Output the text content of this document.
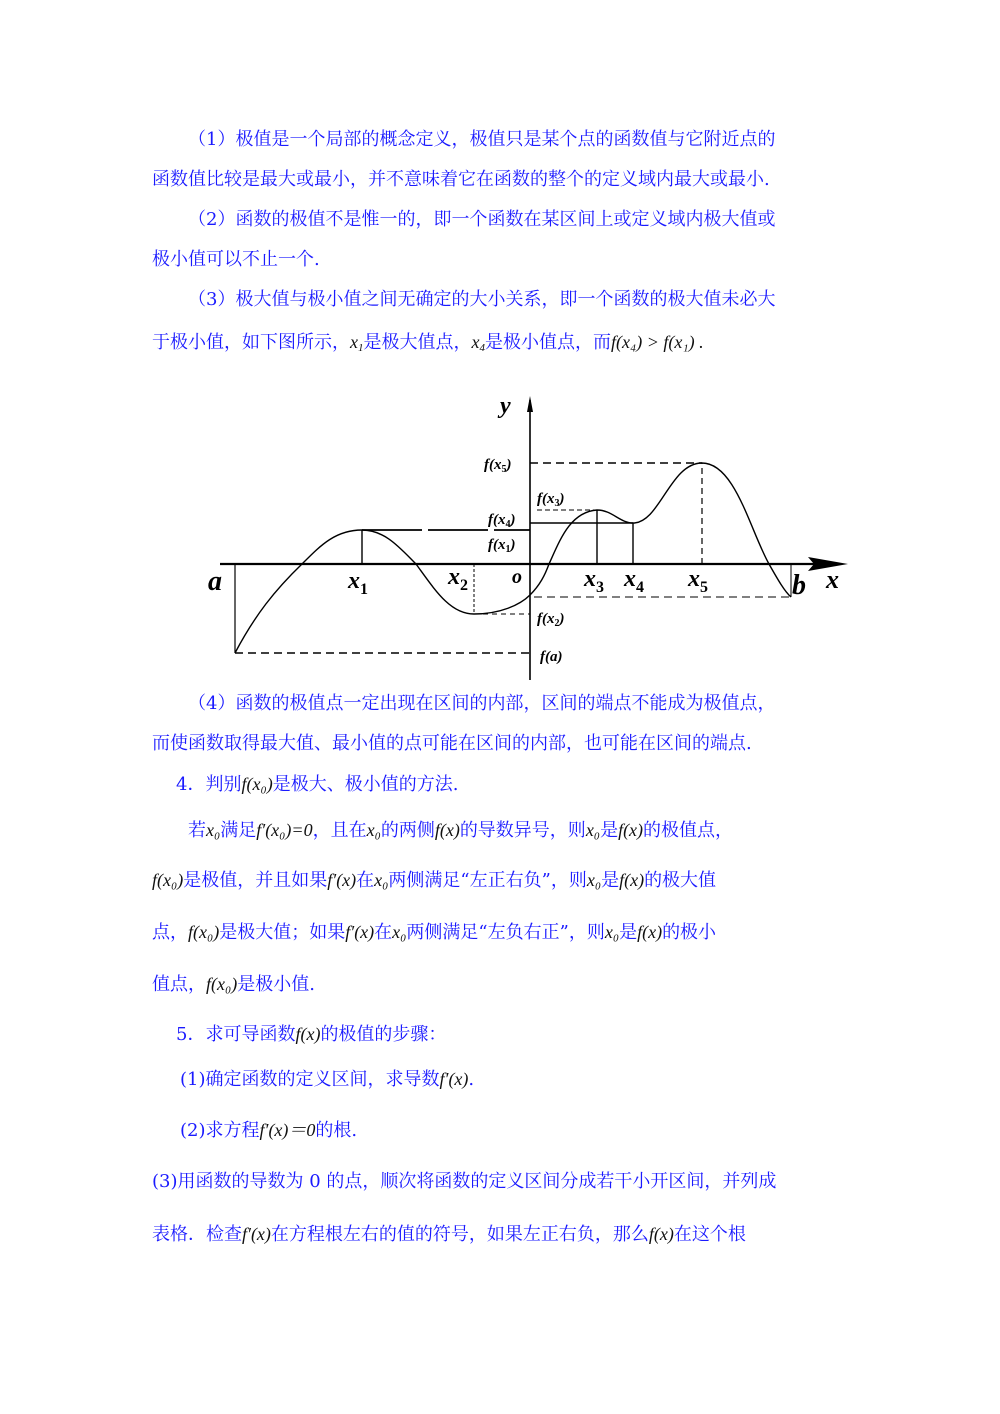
（1）极值是一个局部的概念定义，极值只是某个点的函数值与它附近点的
函数值比较是最大或最小，并不意味着它在函数的整个的定义域内最大或最小.
（2）函数的极值不是惟一的，即一个函数在某区间上或定义域内极大值或
极小值可以不止一个.
（3）极大值与极小值之间无确定的大小关系，即一个函数的极大值未必大
于极小值，如下图所示，$x_1$是极大值点，$x_4$是极小值点，而f(x₄) > f(x₁) .
y
x
o
a	$x_1$	$x_2$	$x_3$ $x_4$ $x_5$	b
$f(x_5)$
$f(x_3)$
$f(x_4)$
$f(x_1)$
$f(x_2)$
f(a)
（4）函数的极值点一定出现在区间的内部，区间的端点不能成为极值点，
而使函数取得最大值、最小值的点可能在区间的内部，也可能在区间的端点.
4．判别f(x₀)是极大、极小值的方法.
若x₀满足f′(x₀)=0，且在x₀的两侧f(x)的导数异号，则x₀是f(x)的极值点，
f(x₀)是极值，并且如果f′(x)在x₀两侧满足“左正右负”，则x₀是f(x)的极大值
点，f(x₀)是极大值；如果f′(x)在x₀两侧满足“左负右正”，则x₀是f(x)的极小
值点，f(x₀)是极小值.
5．求可导函数f(x)的极值的步骤：
(1)确定函数的定义区间，求导数f′(x).
(2)求方程f′(x)＝0的根.
(3)用函数的导数为 0 的点，顺次将函数的定义区间分成若干小开区间，并列成
表格．检查f′(x)在方程根左右的值的符号，如果左正右负，那么f(x)在这个根
